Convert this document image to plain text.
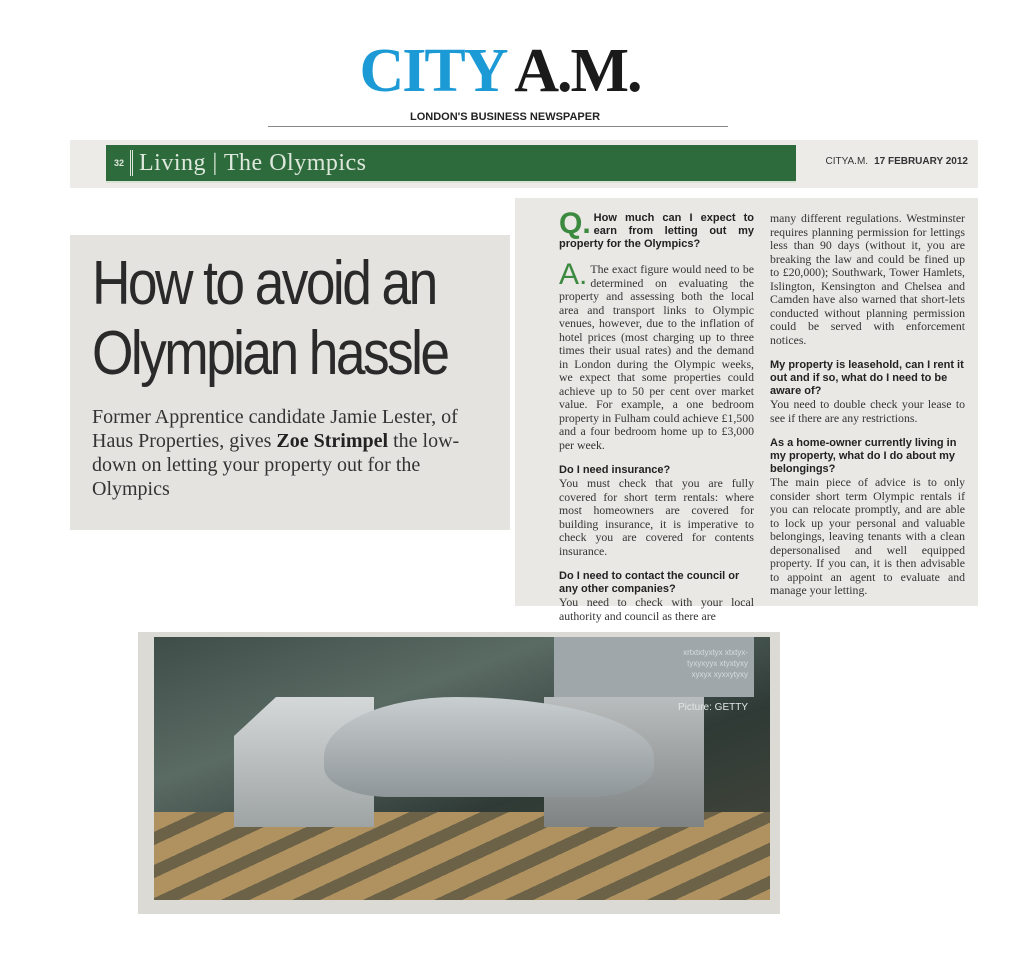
CITY A.M.
LONDON'S BUSINESS NEWSPAPER
32 Living | The Olympics	CITYA.M. 17 FEBRUARY 2012
How to avoid an
Olympian hassle
Former Apprentice candidate Jamie Lester, of Haus Properties, gives Zoe Strimpel the low-down on letting your property out for the Olympics

Q. How much can I expect to earn from letting out my property for the Olympics?

A. The exact figure would need to be determined on evaluating the property and assessing both the local area and transport links to Olympic venues, however, due to the inflation of hotel prices (most charging up to three times their usual rates) and the demand in London during the Olympic weeks, we expect that some properties could achieve up to 50 per cent over market value. For example, a one bedroom property in Fulham could achieve £1,500 and a four bedroom home up to £3,000 per week.

Do I need insurance?

You must check that you are fully covered for short term rentals: where most homeowners are covered for building insurance, it is imperative to check you are covered for contents insurance.

Do I need to contact the council or any other companies?

You need to check with your local authority and council as there are

many different regulations. Westminster requires planning permission for lettings less than 90 days (without it, you are breaking the law and could be fined up to £20,000); Southwark, Tower Hamlets, Islington, Kensington and Chelsea and Camden have also warned that short-lets conducted without planning permission could be served with enforcement notices.

My property is leasehold, can I rent it out and if so, what do I need to be aware of?

You need to double check your lease to see if there are any restrictions.

As a home-owner currently living in my property, what do I do about my belongings?

The main piece of advice is to only consider short term Olympic rentals if you can relocate promptly, and are able to lock up your personal and valuable belongings, leaving tenants with a clean depersonalised and well equipped property. If you can, it is then advisable to appoint an agent to evaluate and manage your letting.

xrtxtxtyxtyx xtxtyx-
tyxyxyyx xtyxtyxy
xyxyx xyxxytyxy
Picture: GETTY
